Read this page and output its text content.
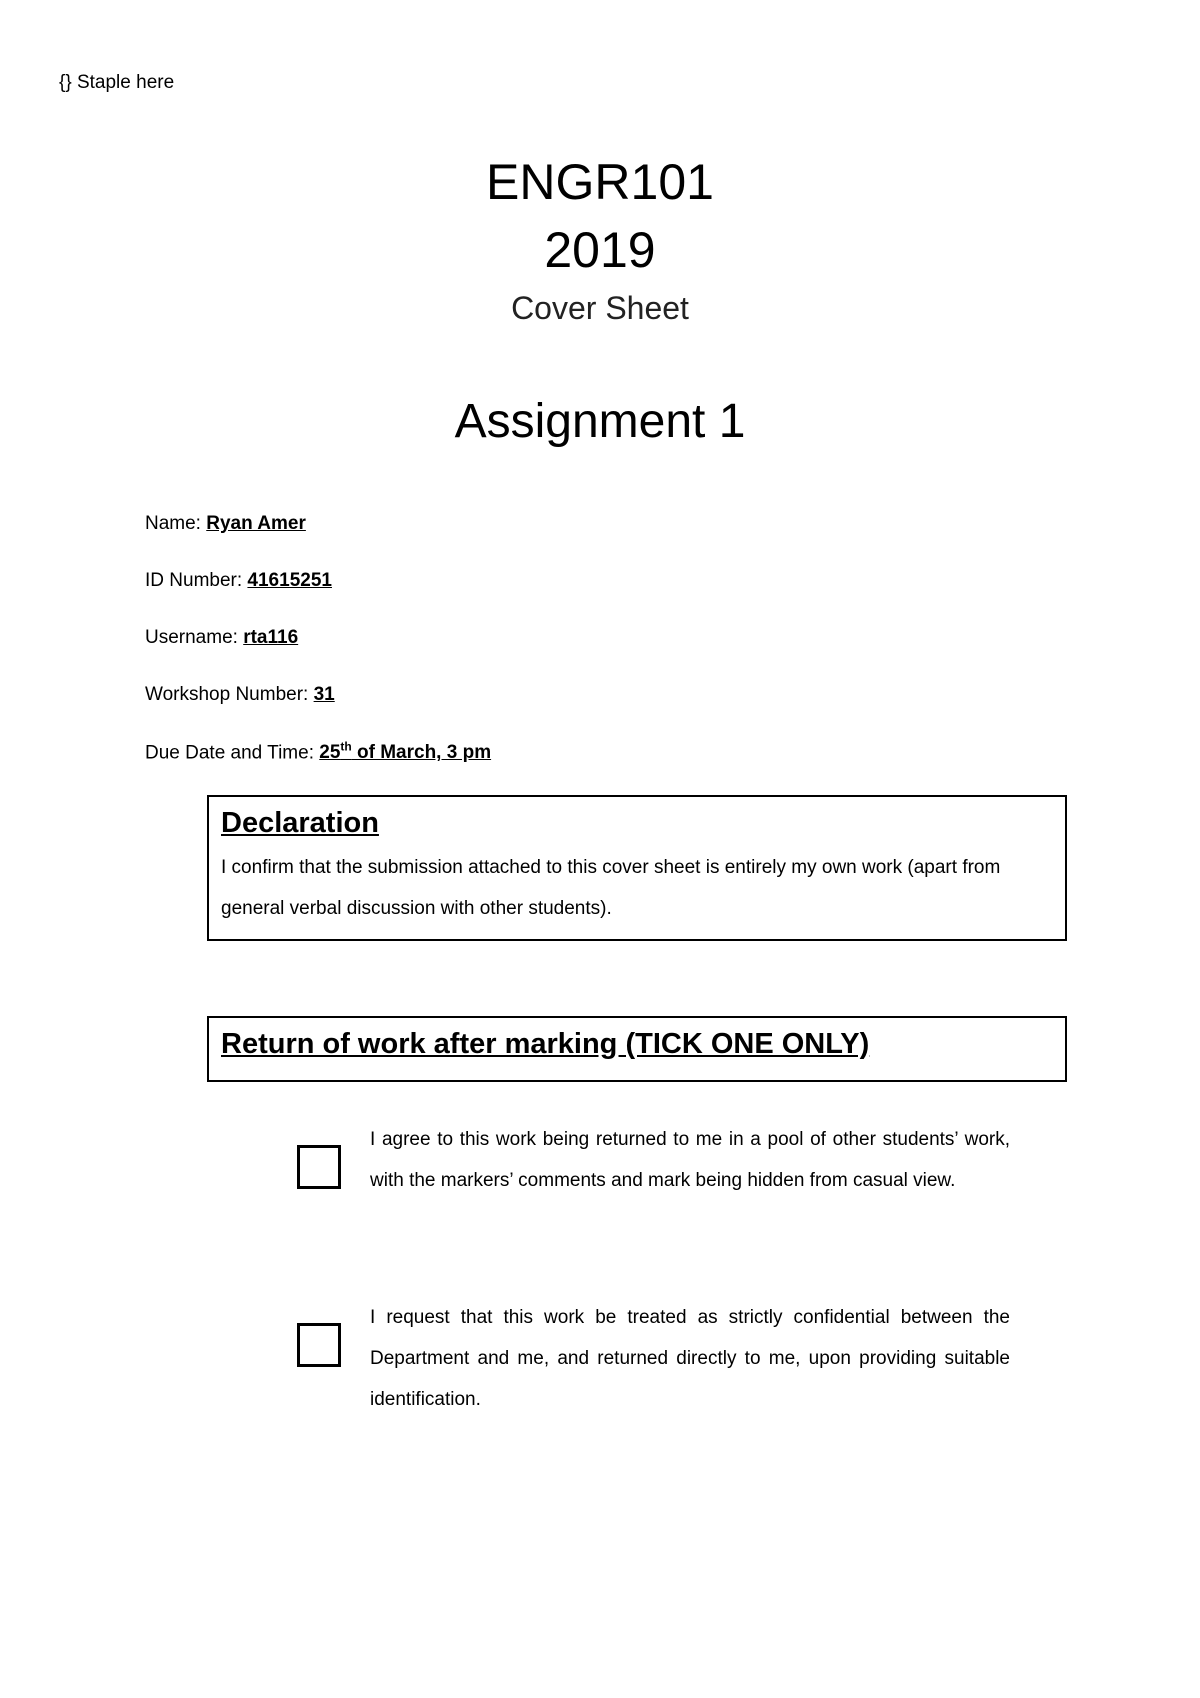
{} Staple here
ENGR101
2019
Cover Sheet
Assignment 1
Name: Ryan Amer
ID Number: 41615251
Username: rta116
Workshop Number: 31
Due Date and Time: 25th of March, 3 pm
Declaration
I confirm that the submission attached to this cover sheet is entirely my own work (apart from general verbal discussion with other students).
Return of work after marking (TICK ONE ONLY)
I agree to this work being returned to me in a pool of other students’ work, with the markers’ comments and mark being hidden from casual view.
I request that this work be treated as strictly confidential between the Department and me, and returned directly to me, upon providing suitable identification.
